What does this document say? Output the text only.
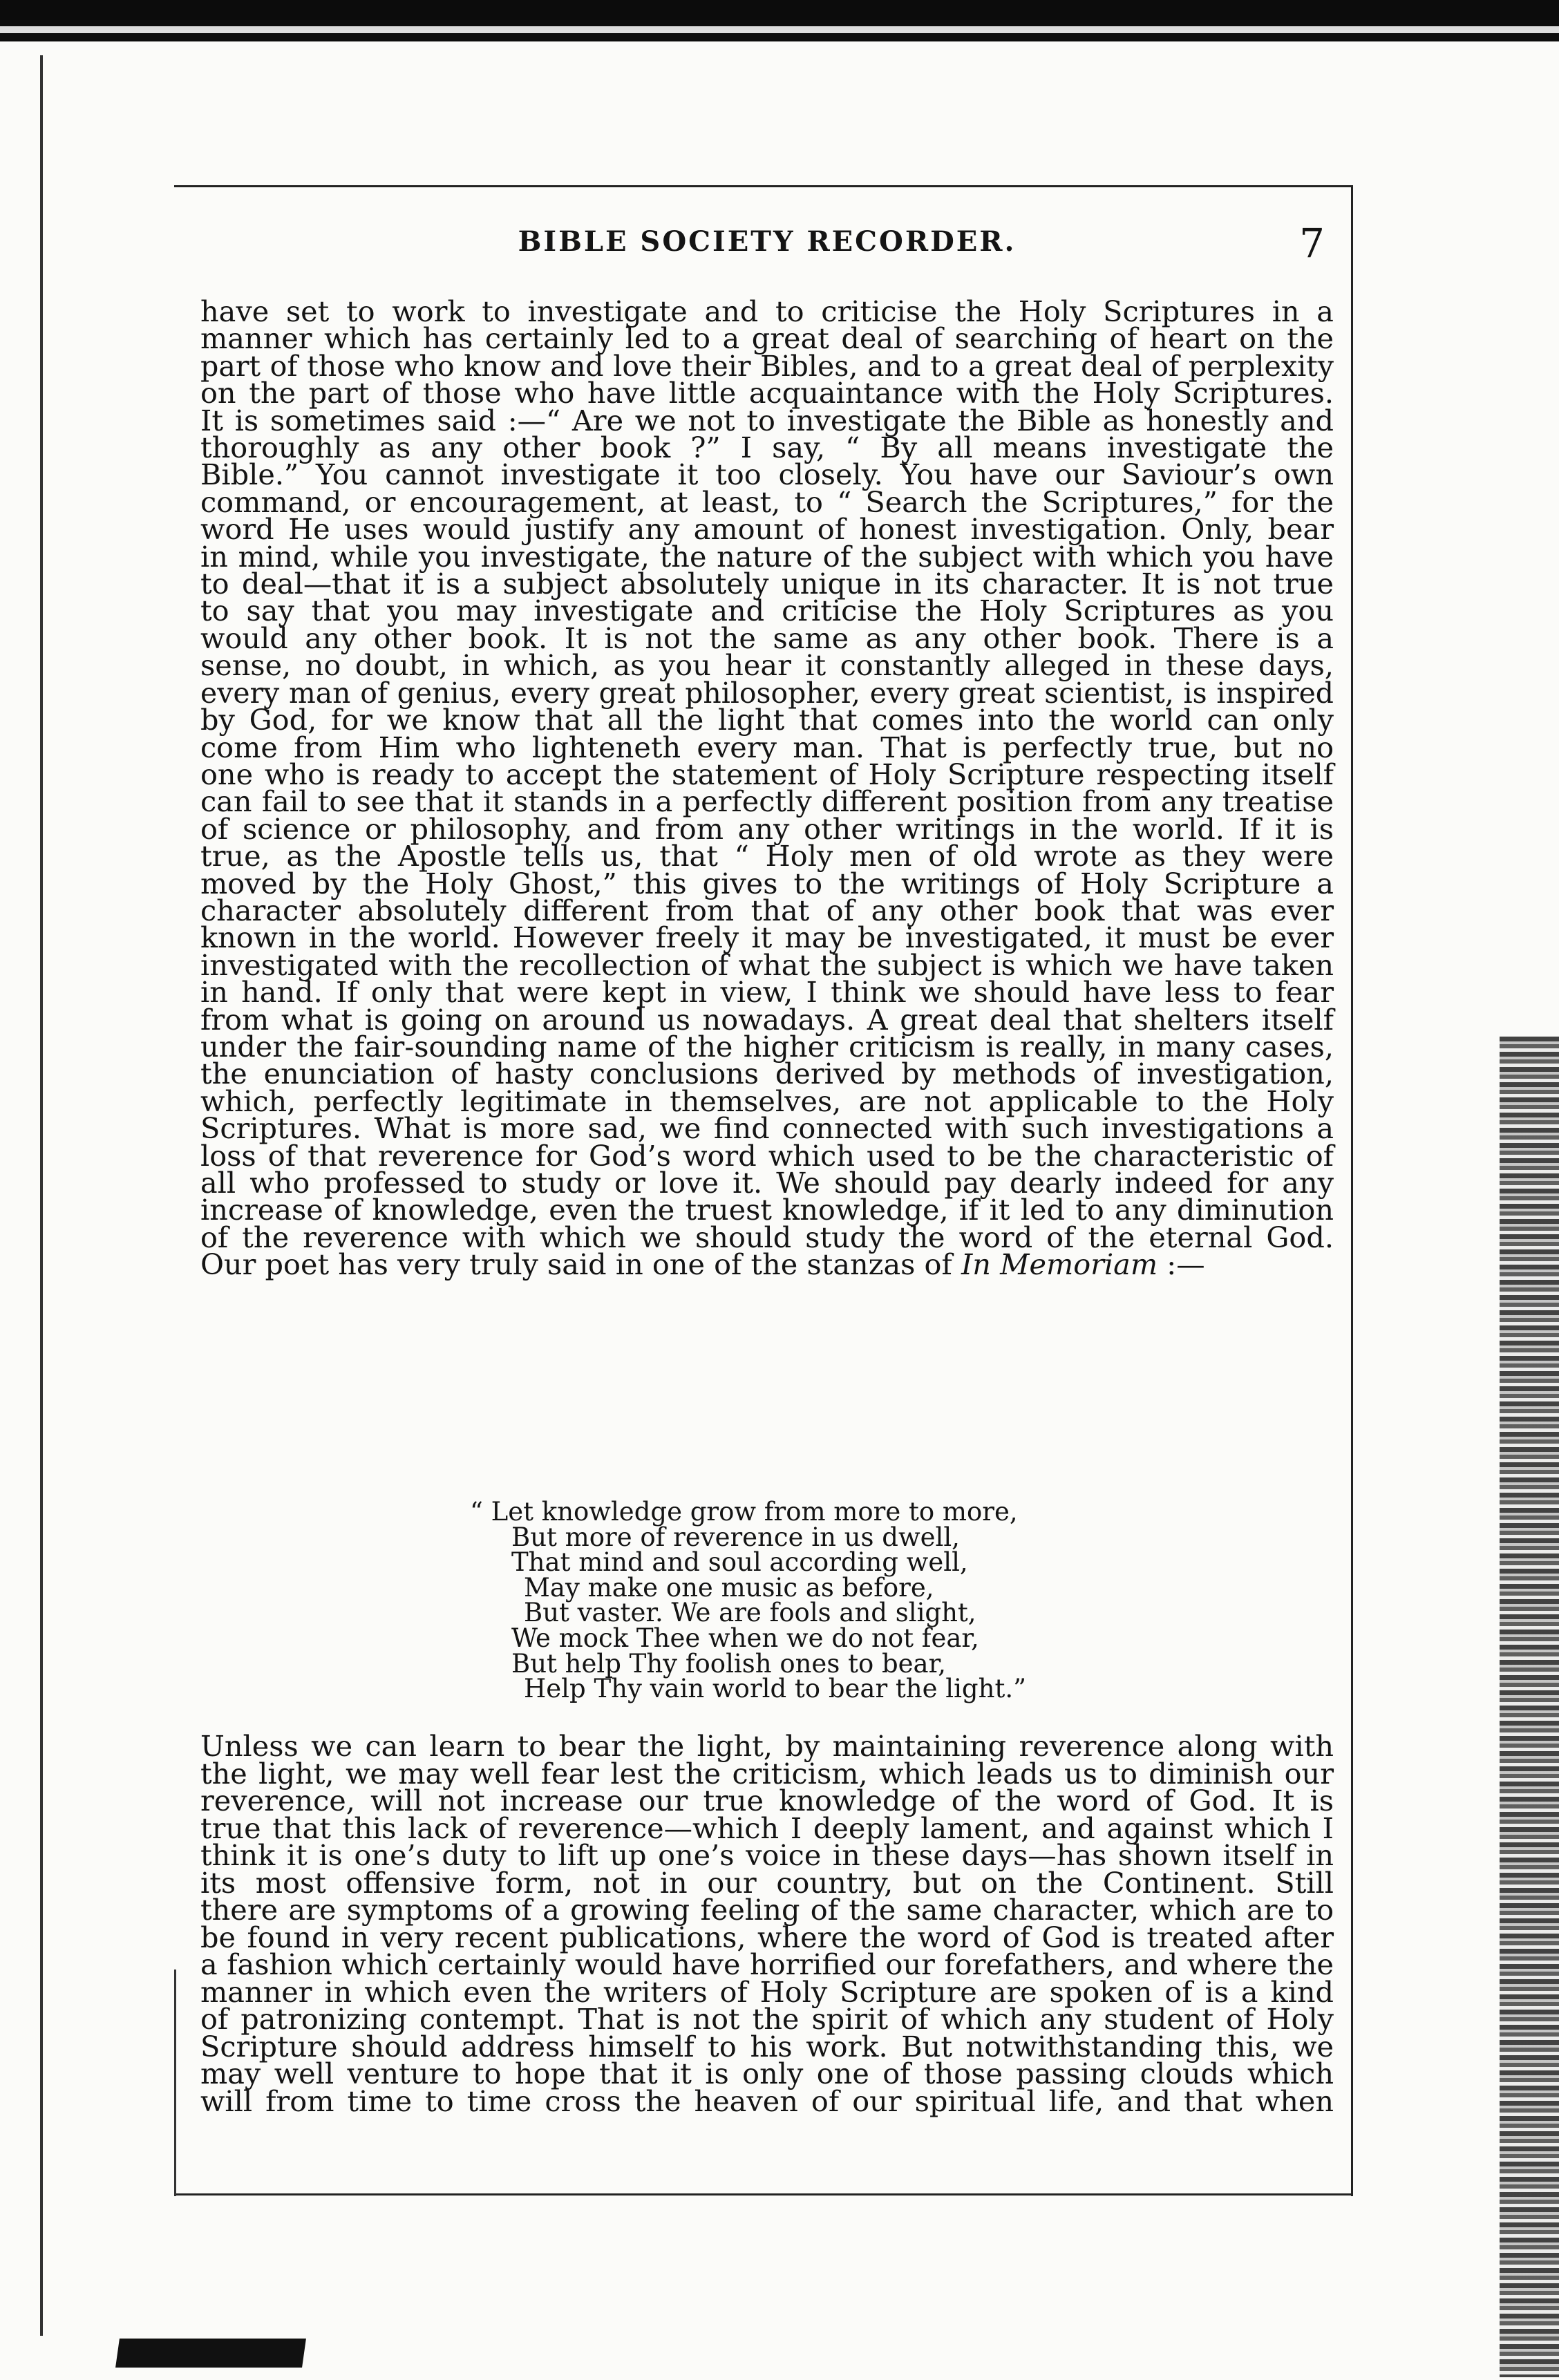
BIBLE SOCIETY RECORDER.	7
have set to work to investigate and to criticise the Holy Scriptures in a
manner which has certainly led to a great deal of searching of heart on the
part of those who know and love their Bibles, and to a great deal of perplexity
on the part of those who have little acquaintance with the Holy Scriptures.
It is sometimes said :—“ Are we not to investigate the Bible as honestly and
thoroughly as any other book ?” I say, “ By all means investigate the
Bible.” You cannot investigate it too closely. You have our Saviour’s own
command, or encouragement, at least, to “ Search the Scriptures,” for the
word He uses would justify any amount of honest investigation. Only, bear
in mind, while you investigate, the nature of the subject with which you have
to deal—that it is a subject absolutely unique in its character. It is not true
to say that you may investigate and criticise the Holy Scriptures as you
would any other book. It is not the same as any other book. There is a
sense, no doubt, in which, as you hear it constantly alleged in these days,
every man of genius, every great philosopher, every great scientist, is inspired
by God, for we know that all the light that comes into the world can only
come from Him who lighteneth every man. That is perfectly true, but no
one who is ready to accept the statement of Holy Scripture respecting itself
can fail to see that it stands in a perfectly different position from any treatise
of science or philosophy, and from any other writings in the world. If it is
true, as the Apostle tells us, that “ Holy men of old wrote as they were
moved by the Holy Ghost,” this gives to the writings of Holy Scripture a
character absolutely different from that of any other book that was ever
known in the world. However freely it may be investigated, it must be ever
investigated with the recollection of what the subject is which we have taken
in hand. If only that were kept in view, I think we should have less to fear
from what is going on around us nowadays. A great deal that shelters itself
under the fair-sounding name of the higher criticism is really, in many cases,
the enunciation of hasty conclusions derived by methods of investigation,
which, perfectly legitimate in themselves, are not applicable to the Holy
Scriptures. What is more sad, we find connected with such investigations a
loss of that reverence for God’s word which used to be the characteristic of
all who professed to study or love it. We should pay dearly indeed for any
increase of knowledge, even the truest knowledge, if it led to any diminution
of the reverence with which we should study the word of the eternal God.
Our poet has very truly said in one of the stanzas of In Memoriam :—
“ Let knowledge grow from more to more,
But more of reverence in us dwell,
That mind and soul according well,
May make one music as before,
But vaster. We are fools and slight,
We mock Thee when we do not fear,
But help Thy foolish ones to bear,
Help Thy vain world to bear the light.”
Unless we can learn to bear the light, by maintaining reverence along with
the light, we may well fear lest the criticism, which leads us to diminish our
reverence, will not increase our true knowledge of the word of God. It is
true that this lack of reverence—which I deeply lament, and against which I
think it is one’s duty to lift up one’s voice in these days—has shown itself in
its most offensive form, not in our country, but on the Continent. Still
there are symptoms of a growing feeling of the same character, which are to
be found in very recent publications, where the word of God is treated after
a fashion which certainly would have horrified our forefathers, and where the
manner in which even the writers of Holy Scripture are spoken of is a kind
of patronizing contempt. That is not the spirit of which any student of Holy
Scripture should address himself to his work. But notwithstanding this, we
may well venture to hope that it is only one of those passing clouds which
will from time to time cross the heaven of our spiritual life, and that when
